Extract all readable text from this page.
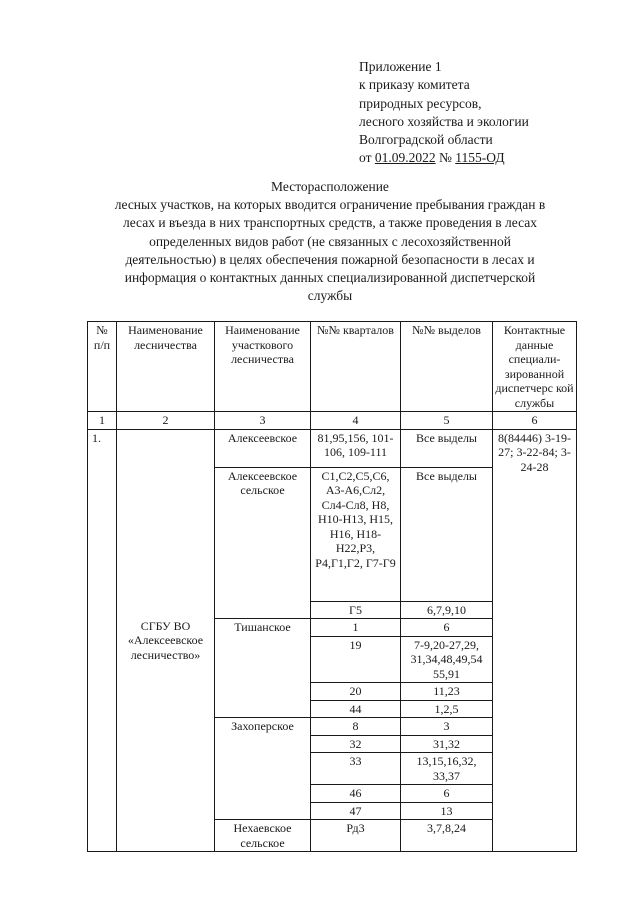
Приложение 1
к приказу комитета
природных ресурсов,
лесного хозяйства и экологии
Волгоградской области
от 01.09.2022 № 1155-ОД
Месторасположение
лесных участков, на которых вводится ограничение пребывания граждан в
лесах и въезда в них транспортных средств, а также проведения в лесах
определенных видов работ (не связанных с лесохозяйственной
деятельностью) в целях обеспечения пожарной безопасности в лесах и
информация о контактных данных специализированной диспетчерской
службы
№ п/п	Наименование лесничества	Наименование участкового лесничества	№№ кварталов	№№ выделов	Контактные данные специали-зированной диспетчерс кой службы
1	2	3	4	5	6
1.	СГБУ ВО «Алексеевское лесничество»	Алексеевское	81,95,156, 101-106, 109-111	Все выделы	8(84446) 3-19-27; 3-22-84; 3-24-28
		Алексеевское сельское	С1,С2,С5,С6, А3-А6,Сл2, Сл4-Сл8, Н8, Н10-Н13, Н15, Н16, Н18-Н22,Р3, Р4,Г1,Г2, Г7-Г9	Все выделы	
			Г5	6,7,9,10	
		Тишанское	1	6	
			19	7-9,20-27,29, 31,34,48,49,54 55,91	
			20	11,23	
			44	1,2,5	
		Захоперское	8	3	
			32	31,32	
			33	13,15,16,32, 33,37	
			46	6	
			47	13	
		Нехаевское сельское	Рд3	3,7,8,24	
